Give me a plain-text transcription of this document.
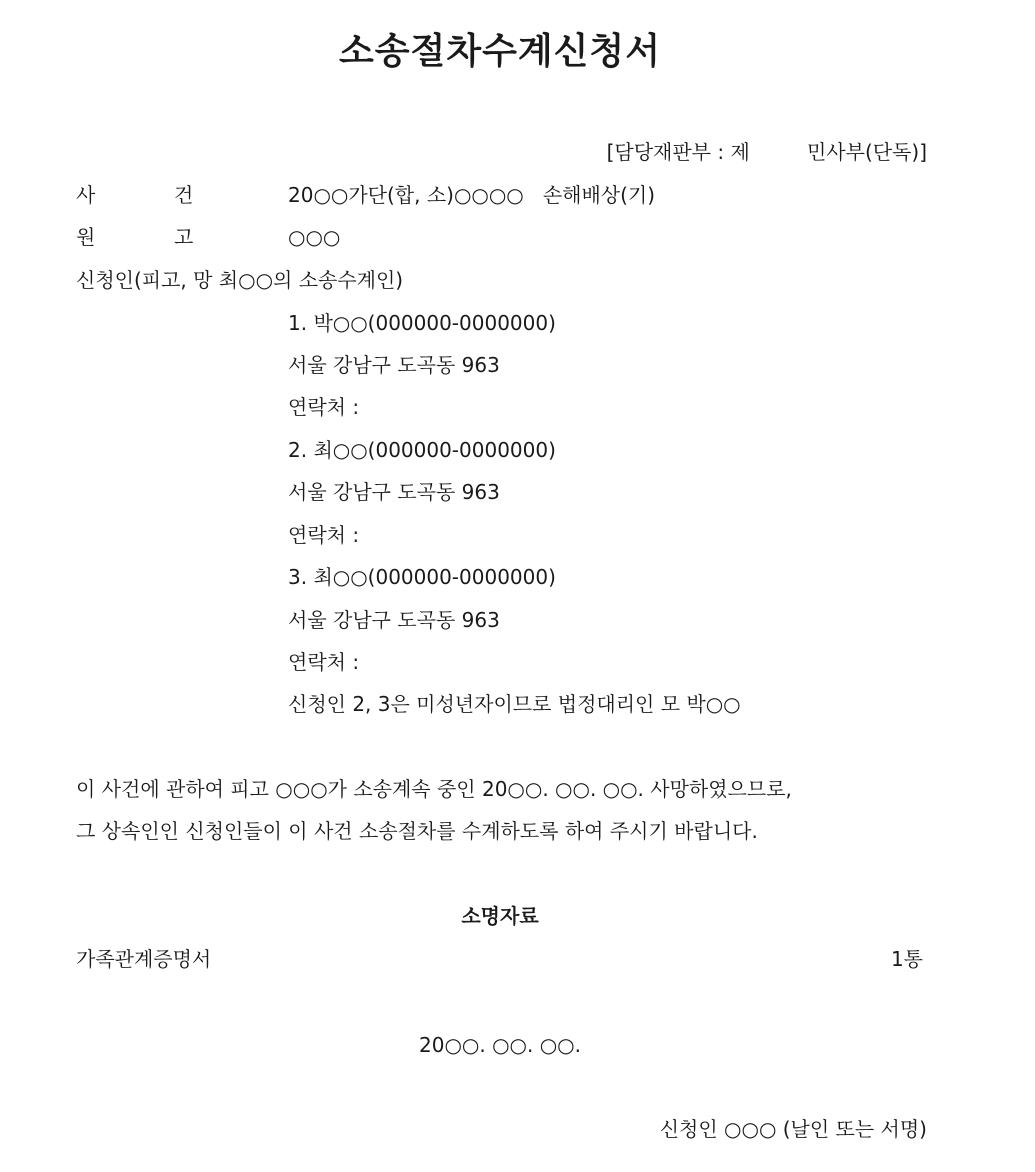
소송절차수계신청서
[담당재판부 : 제         민사부(단독)]
사	건	20○○가단(합, 소)○○○○   손해배상(기)
원	고	○○○
신청인(피고, 망 최○○의 소송수계인)
1. 박○○(000000-0000000)
서울 강남구 도곡동 963
연락처 :
2. 최○○(000000-0000000)
서울 강남구 도곡동 963
연락처 :
3. 최○○(000000-0000000)
서울 강남구 도곡동 963
연락처 :
신청인 2, 3은 미성년자이므로 법정대리인 모 박○○
이 사건에 관하여 피고 ○○○가 소송계속 중인 20○○. ○○. ○○. 사망하였으므로,
그 상속인인 신청인들이 이 사건 소송절차를 수계하도록 하여 주시기 바랍니다.
소명자료
가족관계증명서	1통
20○○. ○○. ○○.
신청인 ○○○ (날인 또는 서명)
